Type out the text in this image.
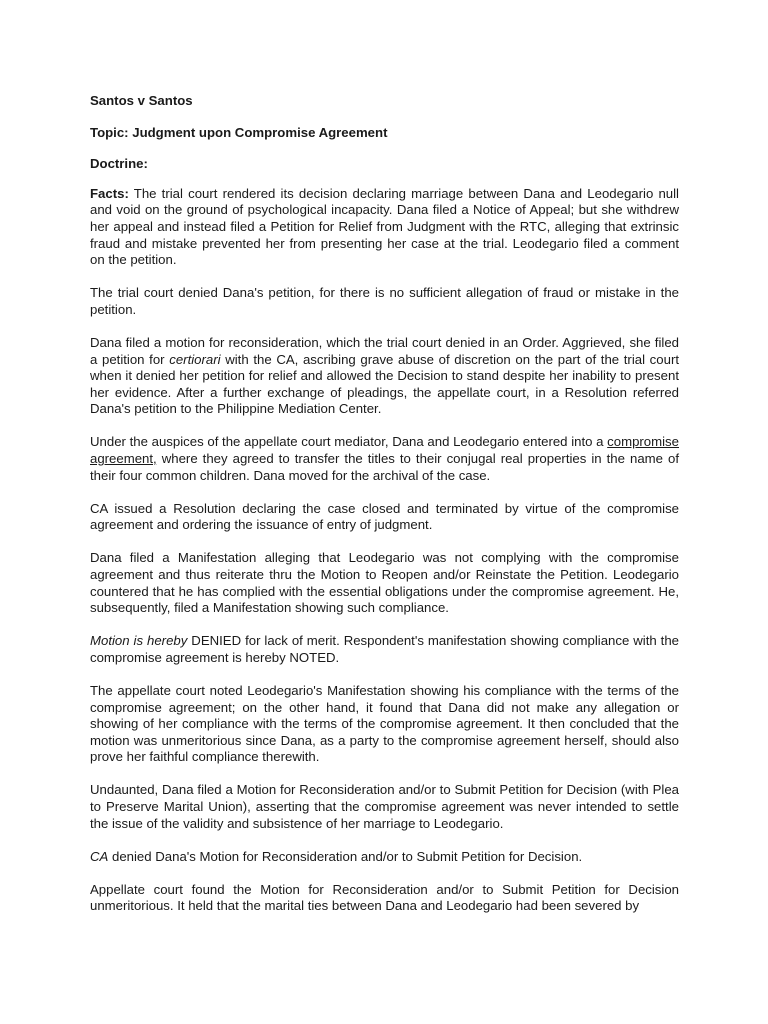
Santos v Santos

Topic: Judgment upon Compromise Agreement

Doctrine:

Facts: The trial court rendered its decision declaring marriage between Dana and Leodegario null and void on the ground of psychological incapacity. Dana filed a Notice of Appeal; but she withdrew her appeal and instead filed a Petition for Relief from Judgment with the RTC, alleging that extrinsic fraud and mistake prevented her from presenting her case at the trial. Leodegario filed a comment on the petition.

The trial court denied Dana's petition, for there is no sufficient allegation of fraud or mistake in the petition.

Dana filed a motion for reconsideration, which the trial court denied in an Order. Aggrieved, she filed a petition for certiorari with the CA, ascribing grave abuse of discretion on the part of the trial court when it denied her petition for relief and allowed the Decision to stand despite her inability to present her evidence. After a further exchange of pleadings, the appellate court, in a Resolution referred Dana's petition to the Philippine Mediation Center.

Under the auspices of the appellate court mediator, Dana and Leodegario entered into a compromise agreement, where they agreed to transfer the titles to their conjugal real properties in the name of their four common children. Dana moved for the archival of the case.

CA issued a Resolution declaring the case closed and terminated by virtue of the compromise agreement and ordering the issuance of entry of judgment.

Dana filed a Manifestation alleging that Leodegario was not complying with the compromise agreement and thus reiterate thru the Motion to Reopen and/or Reinstate the Petition. Leodegario countered that he has complied with the essential obligations under the compromise agreement. He, subsequently, filed a Manifestation showing such compliance.

Motion is hereby DENIED for lack of merit. Respondent's manifestation showing compliance with the compromise agreement is hereby NOTED.

The appellate court noted Leodegario's Manifestation showing his compliance with the terms of the compromise agreement; on the other hand, it found that Dana did not make any allegation or showing of her compliance with the terms of the compromise agreement. It then concluded that the motion was unmeritorious since Dana, as a party to the compromise agreement herself, should also prove her faithful compliance therewith.

Undaunted, Dana filed a Motion for Reconsideration and/or to Submit Petition for Decision (with Plea to Preserve Marital Union), asserting that the compromise agreement was never intended to settle the issue of the validity and subsistence of her marriage to Leodegario.

CA denied Dana's Motion for Reconsideration and/or to Submit Petition for Decision.

Appellate court found the Motion for Reconsideration and/or to Submit Petition for Decision unmeritorious. It held that the marital ties between Dana and Leodegario had been severed by
